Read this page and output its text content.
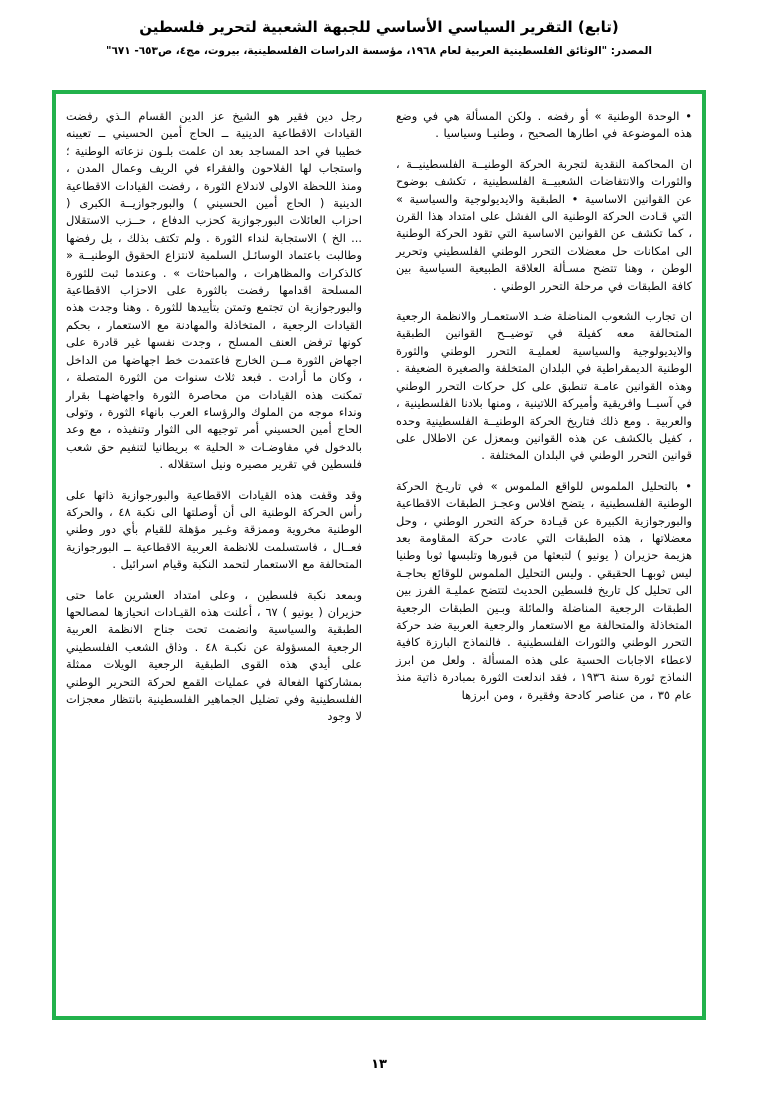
(تابع) التقرير السياسي الأساسي للجبهة الشعبية لتحرير فلسطين
المصدر: "الوثائق الفلسطينية العربية لعام ١٩٦٨، مؤسسة الدراسات الفلسطينية، بيروت، مج٤، ص٦٥٣- ٦٧١"

رجل دين فقير هو الشيخ عز الدين القسام الـذي رفضت القيادات الاقطاعية الدينية ــ الحاج أمين الحسيني ــ تعيينه خطيبا في احد المساجد بعد ان علمت بلـون نزعاته الوطنية ؛ واستجاب لها الفلاحون والفقراء في الريف وعمال المدن ، ومنذ اللحظة الاولى لاندلاع الثورة ، رفضت القيادات الاقطاعية الدينية ( الحاج أمين الحسيني ) والبورجوازيــة الكبرى ( احزاب العائلات البورجوازية كحزب الدفاع ، حــزب الاستقلال ... الخ ) الاستجابة لنداء الثورة . ولم تكتف بذلك ، بل رفضها وطالبت باعتماد الوسائـل السلمية لانتزاع الحقوق الوطنيــة « كالذكرات والمظاهرات ، والمباحثات » . وعندما ثبت للثورة المسلحة اقدامها رفضت بالثورة على الاحزاب الاقطاعية والبورجوازية ان تجتمع وتمتن بتأييدها للثورة . وهنا وجدت هذه القيادات الرجعية ، المتخاذلة والمهادنة مع الاستعمار ، بحكم كونها ترفض العنف المسلح ، وجدت نفسها غير قادرة على اجهاض الثورة مــن الخارج فاعتمدت خط اجهاضها من الداخل ، وكان ما أرادت . فبعد ثلاث سنوات من الثورة المتصلة ، تمكنت هذه القيادات من محاصرة الثورة واجهاضهـا بقرار ونداء موجه من الملوك والرؤساء العرب بانهاء الثورة ، وتولى الحاج أمين الحسيني أمر توجيهه الى الثوار وتنفيذه ، مع وعد بالدخول في مفاوضـات « الحلية » بريطانيا لتنفيم حق شعب فلسطين في تقرير مصيره ونيل استقلاله .

وقد وقفت هذه القيادات الاقطاعية والبورجوازية ذاتها على رأس الحركة الوطنية الى أن أوصلتها الى نكبة ٤٨ ، والحركة الوطنية مخروية وممزقة وغـير مؤهلة للقيام بأي دور وطني فعــال ، فاستسلمت للانظمة العربية الاقطاعية ــ البورجوازية المتحالفة مع الاستعمار لتحمد النكبة وقيام اسرائيل .

وبمعد نكبة فلسطين ، وعلى امتداد العشرين عاما حتى حزيران ( يونيو ) ٦٧ ، أعلنت هذه القيـادات انحيازها لمصالحها الطبقية والسياسية وانضمت تحت جناح الانظمة العربية الرجعية المسؤولة عن نكبـة ٤٨ . وذاق الشعب الفلسطيني على أيدي هذه القوى الطبقية الرجعية الويلات ممثلة بمشاركتها الفعالة في عمليات القمع لحركة التحرير الوطني الفلسطينية وفي تضليل الجماهير الفلسطينية بانتظار معجزات لا وجود

• الوحدة الوطنية » أو رفضه . ولكن المسألة هي في وضع هذه الموضوعة في اطارها الصحيح ، وطنيـا وسياسيا .

ان المحاكمة النقدية لتجربة الحركة الوطنيــة الفلسطينيــة ، والثورات والانتفاضات الشعبيــة الفلسطينية ، تكشف بوضوح عن القوانين الاساسية • الطبقية والايديولوجية والسياسية » التي قـادت الحركة الوطنية الى الفشل على امتداد هذا القرن ، كما تكشف عن القوانين الاساسية التي تقود الحركة الوطنية الى امكانات حل معضلات التحرر الوطني الفلسطيني وتحرير الوطن ، وهنا تتضح مسـألة العلاقة الطبيعية السياسية بين كافة الطبقات في مرحلة التحرر الوطني .

ان تجارب الشعوب المناضلة ضـد الاستعمـار والانظمة الرجعية المتحالفة معه كفيلة في توضيــح القوانين الطبقية والايديولوجية والسياسية لعمليـة التحرر الوطني والثورة الوطنية الديمقراطية في البلدان المتخلفة والصغيرة الضعيفة . وهذه القوانين عامـة تنطبق على كل حركات التحرر الوطني في آسيــا وافريقية وأميركة اللاتينية ، ومنها بلادنا الفلسطينية ، والعربية . ومع ذلك فتاريخ الحركة الوطنيــة الفلسطينية وحده ، كفيل بالكشف عن هذه القوانين وبمعزل عن الاطلال على قوانين التحرر الوطني في البلدان المختلفة .

• بالتحليل الملموس للواقع الملموس » في تاريـخ الحركة الوطنية الفلسطينية ، يتضح افلاس وعجـز الطبقات الاقطاعية والبورجوازية الكبيرة عن قيـادة حركة التحرر الوطني ، وحل معضلاتها ، هذه الطبقات التي عادت حركة المقاومة بعد هزيمة حزيران ( يونيو ) لتبعثها من قبورها وتلبسها ثوبا وطنيا ليس ثوبهـا الحقيقي . وليس التحليل الملموس للوقائع بحاجـة الى تحليل كل تاريخ فلسطين الحديث لتتضح عمليـة الفرز بين الطبقات الرجعية المناضلة والمائلة وبـين الطبقات الرجعية المتخاذلة والمتحالفة مع الاستعمار والرجعية العربية ضد حركة التحرر الوطني والثورات الفلسطينية . فالنماذج البارزة كافية لاعطاء الاجابات الحسية على هذه المسألة . ولعل من ابرز النماذج ثورة سنة ١٩٣٦ ، فقد اندلعت الثورة بمبادرة ذاتية منذ عام ٣٥ ، من عناصر كادحة وفقيرة ، ومن ابرزها

١٣
